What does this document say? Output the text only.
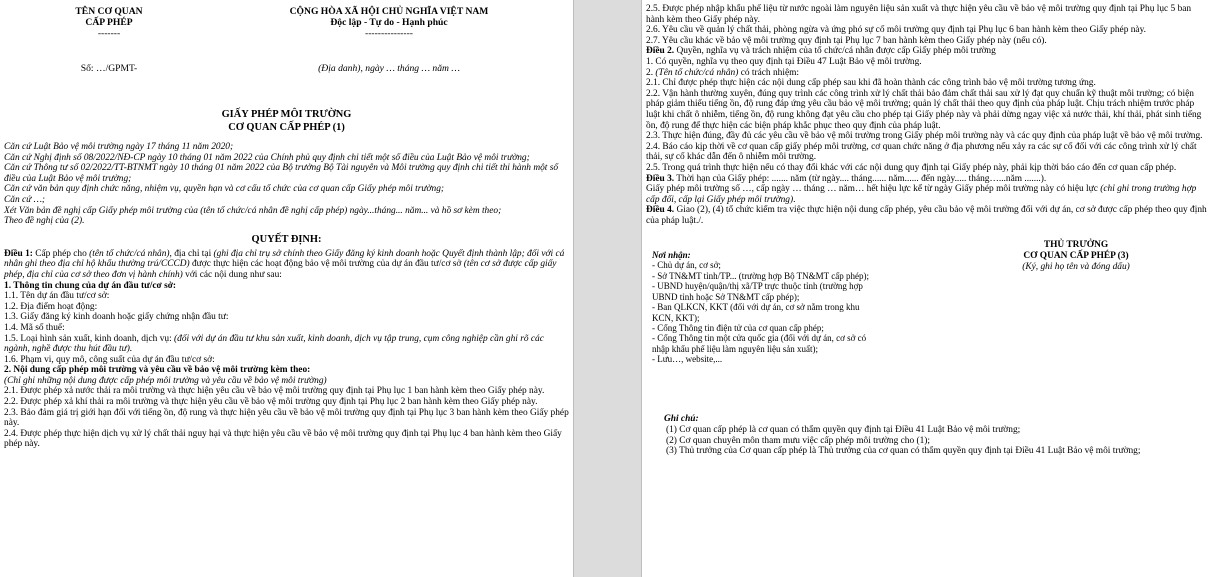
TÊN CƠ QUAN
CẤP PHÉP
-------
CỘNG HÒA XÃ HỘI CHỦ NGHĨA VIỆT NAM
Độc lập - Tự do - Hạnh phúc
---------------
Số: …/GPMT-	(Địa danh), ngày … tháng … năm …

GIẤY PHÉP MÔI TRƯỜNG

CƠ QUAN CẤP PHÉP (1)

Căn cứ Luật Bảo vệ môi trường ngày 17 tháng 11 năm 2020;

Căn cứ Nghị định số 08/2022/NĐ-CP ngày 10 tháng 01 năm 2022 của Chính phủ quy định chi tiết một số điều của Luật Bảo vệ môi trường;

Căn cứ Thông tư số 02/2022/TT-BTNMT ngày 10 tháng 01 năm 2022 của Bộ trưởng Bộ Tài nguyên và Môi trường quy định chi tiết thi hành một số điều của Luật Bảo vệ môi trường;

Căn cứ văn bản quy định chức năng, nhiệm vụ, quyền hạn và cơ cấu tổ chức của cơ quan cấp Giấy phép môi trường;

Căn cứ …;

Xét Văn bản đề nghị cấp Giấy phép môi trường của (tên tổ chức/cá nhân đề nghị cấp phép) ngày...tháng... năm... và hồ sơ kèm theo;

Theo đề nghị của (2).

QUYẾT ĐỊNH:

Điều 1: Cấp phép cho (tên tổ chức/cá nhân), địa chỉ tại (ghi địa chỉ trụ sở chính theo Giấy đăng ký kinh doanh hoặc Quyết định thành lập; đối với cá nhân ghi theo địa chỉ hộ khẩu thường trú/CCCD) được thực hiện các hoạt động bảo vệ môi trường của dự án đầu tư/cơ sở (tên cơ sở được cấp giấy phép, địa chỉ của cơ sở theo đơn vị hành chính) với các nội dung như sau:

1. Thông tin chung của dự án đầu tư/cơ sở:

1.1. Tên dự án đầu tư/cơ sở:

1.2. Địa điểm hoạt động:

1.3. Giấy đăng ký kinh doanh hoặc giấy chứng nhận đầu tư:

1.4. Mã số thuế:

1.5. Loại hình sản xuất, kinh doanh, dịch vụ: (đối với dự án đầu tư khu sản xuất, kinh doanh, dịch vụ tập trung, cụm công nghiệp cần ghi rõ các ngành, nghề được thu hút đầu tư).

1.6. Phạm vi, quy mô, công suất của dự án đầu tư/cơ sở:

2. Nội dung cấp phép môi trường và yêu cầu về bảo vệ môi trường kèm theo:

(Chỉ ghi những nội dung được cấp phép môi trường và yêu cầu về bảo vệ môi trường)

2.1. Được phép xả nước thải ra môi trường và thực hiện yêu cầu về bảo vệ môi trường quy định tại Phụ lục 1 ban hành kèm theo Giấy phép này.

2.2. Được phép xả khí thải ra môi trường và thực hiện yêu cầu về bảo vệ môi trường quy định tại Phụ lục 2 ban hành kèm theo Giấy phép này.

2.3. Bảo đảm giá trị giới hạn đối với tiếng ồn, độ rung và thực hiện yêu cầu về bảo vệ môi trường quy định tại Phụ lục 3 ban hành kèm theo Giấy phép này.

2.4. Được phép thực hiện dịch vụ xử lý chất thải nguy hại và thực hiện yêu cầu về bảo vệ môi trường quy định tại Phụ lục 4 ban hành kèm theo Giấy phép này.

2.5. Được phép nhập khẩu phế liệu từ nước ngoài làm nguyên liệu sản xuất và thực hiện yêu cầu về bảo vệ môi trường quy định tại Phụ lục 5 ban hành kèm theo Giấy phép này.

2.6. Yêu cầu về quản lý chất thải, phòng ngừa và ứng phó sự cố môi trường quy định tại Phụ lục 6 ban hành kèm theo Giấy phép này.

2.7. Yêu cầu khác về bảo vệ môi trường quy định tại Phụ lục 7 ban hành kèm theo Giấy phép này (nếu có).

Điều 2. Quyền, nghĩa vụ và trách nhiệm của tổ chức/cá nhân được cấp Giấy phép môi trường

1. Có quyền, nghĩa vụ theo quy định tại Điều 47 Luật Bảo vệ môi trường.

2. (Tên tổ chức/cá nhân) có trách nhiệm:

2.1. Chỉ được phép thực hiện các nội dung cấp phép sau khi đã hoàn thành các công trình bảo vệ môi trường tương ứng.

2.2. Vận hành thường xuyên, đúng quy trình các công trình xử lý chất thải bảo đảm chất thải sau xử lý đạt quy chuẩn kỹ thuật môi trường; có biện pháp giảm thiểu tiếng ồn, độ rung đáp ứng yêu cầu bảo vệ môi trường; quản lý chất thải theo quy định của pháp luật. Chịu trách nhiệm trước pháp luật khi chất ô nhiễm, tiếng ồn, độ rung không đạt yêu cầu cho phép tại Giấy phép này và phải dừng ngay việc xả nước thải, khí thải, phát sinh tiếng ồn, độ rung để thực hiện các biện pháp khắc phục theo quy định của pháp luật.

2.3. Thực hiện đúng, đầy đủ các yêu cầu về bảo vệ môi trường trong Giấy phép môi trường này và các quy định của pháp luật về bảo vệ môi trường.

2.4. Báo cáo kịp thời về cơ quan cấp giấy phép môi trường, cơ quan chức năng ở địa phương nếu xảy ra các sự cố đối với các công trình xử lý chất thải, sự cố khác dẫn đến ô nhiễm môi trường.

2.5. Trong quá trình thực hiện nếu có thay đổi khác với các nội dung quy định tại Giấy phép này, phải kịp thời báo cáo đến cơ quan cấp phép.

Điều 3. Thời hạn của Giấy phép: ....... năm (từ ngày.... tháng...... năm...... đến ngày..... tháng…...năm .......).

Giấy phép môi trường số …, cấp ngày … tháng … năm… hết hiệu lực kể từ ngày Giấy phép môi trường này có hiệu lực (chỉ ghi trong trường hợp cấp đổi, cấp lại Giấy phép môi trường).

Điều 4. Giao (2), (4) tổ chức kiểm tra việc thực hiện nội dung cấp phép, yêu cầu bảo vệ môi trường đối với dự án, cơ sở được cấp phép theo quy định của pháp luật./.

Nơi nhận:

- Chủ dự án, cơ sở;

- Sở TN&MT tỉnh/TP... (trường hợp Bộ TN&MT cấp phép);

- UBND huyện/quận/thị xã/TP trực thuộc tỉnh (trường hợp

UBND tỉnh hoặc Sở TN&MT cấp phép);

- Ban QLKCN, KKT (đối với dự án, cơ sở nằm trong khu

KCN, KKT);

- Cổng Thông tin điện tử của cơ quan cấp phép;

- Cổng Thông tin một cửa quốc gia (đối với dự án, cơ sở có

nhập khẩu phế liệu làm nguyên liệu sản xuất);

- Lưu…, website,...

THỦ TRƯỞNG

CƠ QUAN CẤP PHÉP (3)

(Ký, ghi họ tên và đóng dấu)

Ghi chú:

(1) Cơ quan cấp phép là cơ quan có thẩm quyền quy định tại Điều 41 Luật Bảo vệ môi trường;

(2) Cơ quan chuyên môn tham mưu việc cấp phép môi trường cho (1);

(3) Thủ trưởng của Cơ quan cấp phép là Thủ trưởng của cơ quan có thẩm quyền quy định tại Điều 41 Luật Bảo vệ môi trường;
